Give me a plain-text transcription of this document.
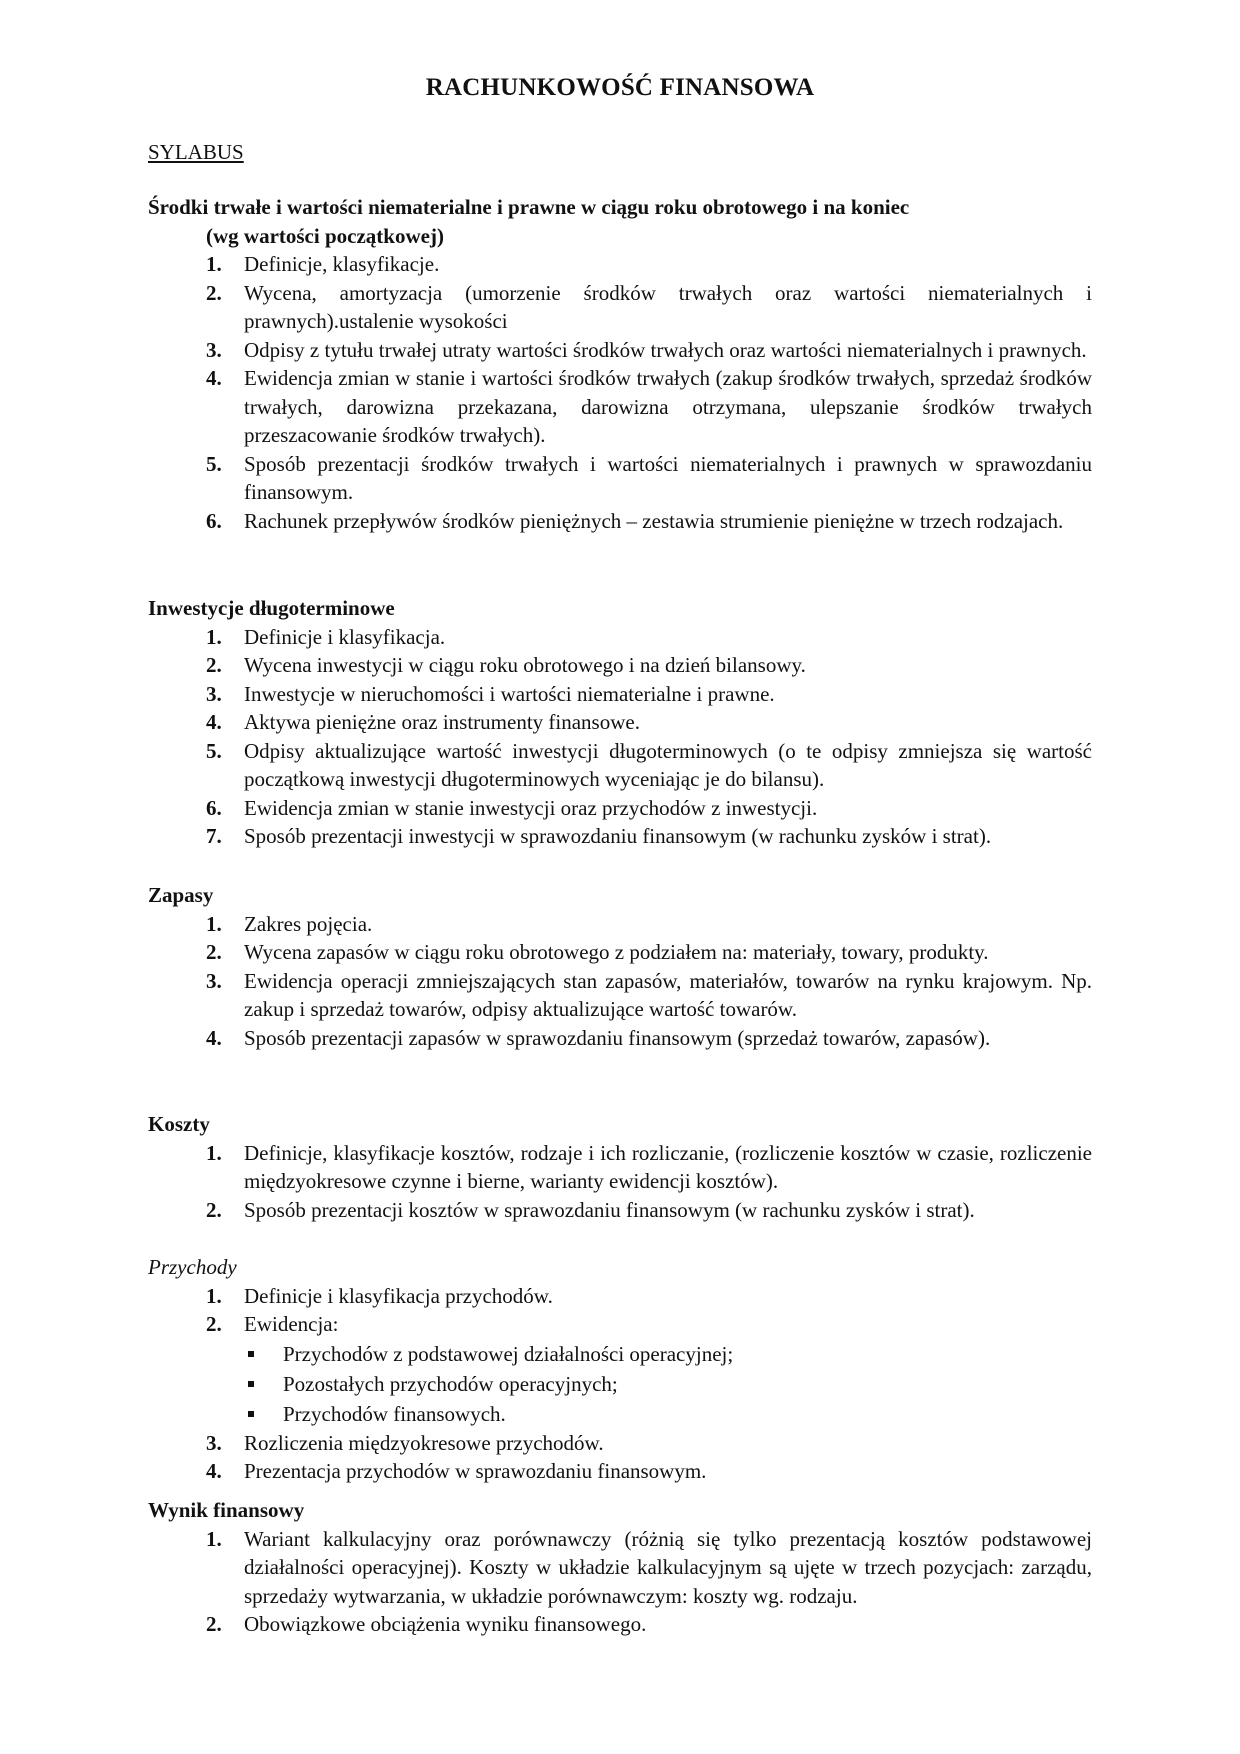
RACHUNKOWOŚĆ FINANSOWA
SYLABUS
Środki trwałe i wartości niematerialne i prawne w ciągu roku obrotowego i na koniec
(wg wartości początkowej)
1. Definicje, klasyfikacje.
2. Wycena, amortyzacja (umorzenie środków trwałych oraz wartości niematerialnych i prawnych).ustalenie wysokości
3. Odpisy z tytułu trwałej utraty wartości środków trwałych oraz wartości niematerialnych i prawnych.
4. Ewidencja zmian w stanie i wartości środków trwałych (zakup środków trwałych, sprzedaż środków trwałych, darowizna przekazana, darowizna otrzymana, ulepszanie środków trwałych przeszacowanie środków trwałych).
5. Sposób prezentacji środków trwałych i wartości niematerialnych i prawnych w sprawozdaniu finansowym.
6. Rachunek przepływów środków pieniężnych – zestawia strumienie pieniężne w trzech rodzajach.
Inwestycje długoterminowe
1. Definicje i klasyfikacja.
2. Wycena inwestycji w ciągu roku obrotowego i na dzień bilansowy.
3. Inwestycje w nieruchomości i wartości niematerialne i prawne.
4. Aktywa pieniężne oraz instrumenty finansowe.
5. Odpisy aktualizujące wartość inwestycji długoterminowych (o te odpisy zmniejsza się wartość początkową inwestycji długoterminowych wyceniając je do bilansu).
6. Ewidencja zmian w stanie inwestycji oraz przychodów z inwestycji.
7. Sposób prezentacji inwestycji w sprawozdaniu finansowym (w rachunku zysków i strat).
Zapasy
1. Zakres pojęcia.
2. Wycena zapasów w ciągu roku obrotowego z podziałem na: materiały, towary, produkty.
3. Ewidencja operacji zmniejszających stan zapasów, materiałów, towarów na rynku krajowym. Np. zakup i sprzedaż towarów, odpisy aktualizujące wartość towarów.
4. Sposób prezentacji zapasów w sprawozdaniu finansowym (sprzedaż towarów, zapasów).
Koszty
1. Definicje, klasyfikacje kosztów, rodzaje i ich rozliczanie, (rozliczenie kosztów w czasie, rozliczenie międzyokresowe czynne i bierne, warianty ewidencji kosztów).
2. Sposób prezentacji kosztów w sprawozdaniu finansowym (w rachunku zysków i strat).
Przychody
1. Definicje i klasyfikacja przychodów.
2. Ewidencja:
Przychodów z podstawowej działalności operacyjnej;
Pozostałych przychodów operacyjnych;
Przychodów finansowych.
3. Rozliczenia międzyokresowe przychodów.
4. Prezentacja przychodów w sprawozdaniu finansowym.
Wynik finansowy
1. Wariant kalkulacyjny oraz porównawczy (różnią się tylko prezentacją kosztów podstawowej działalności operacyjnej). Koszty w układzie kalkulacyjnym są ujęte w trzech pozycjach: zarządu, sprzedaży wytwarzania, w układzie porównawczym: koszty wg. rodzaju.
2. Obowiązkowe obciążenia wyniku finansowego.
